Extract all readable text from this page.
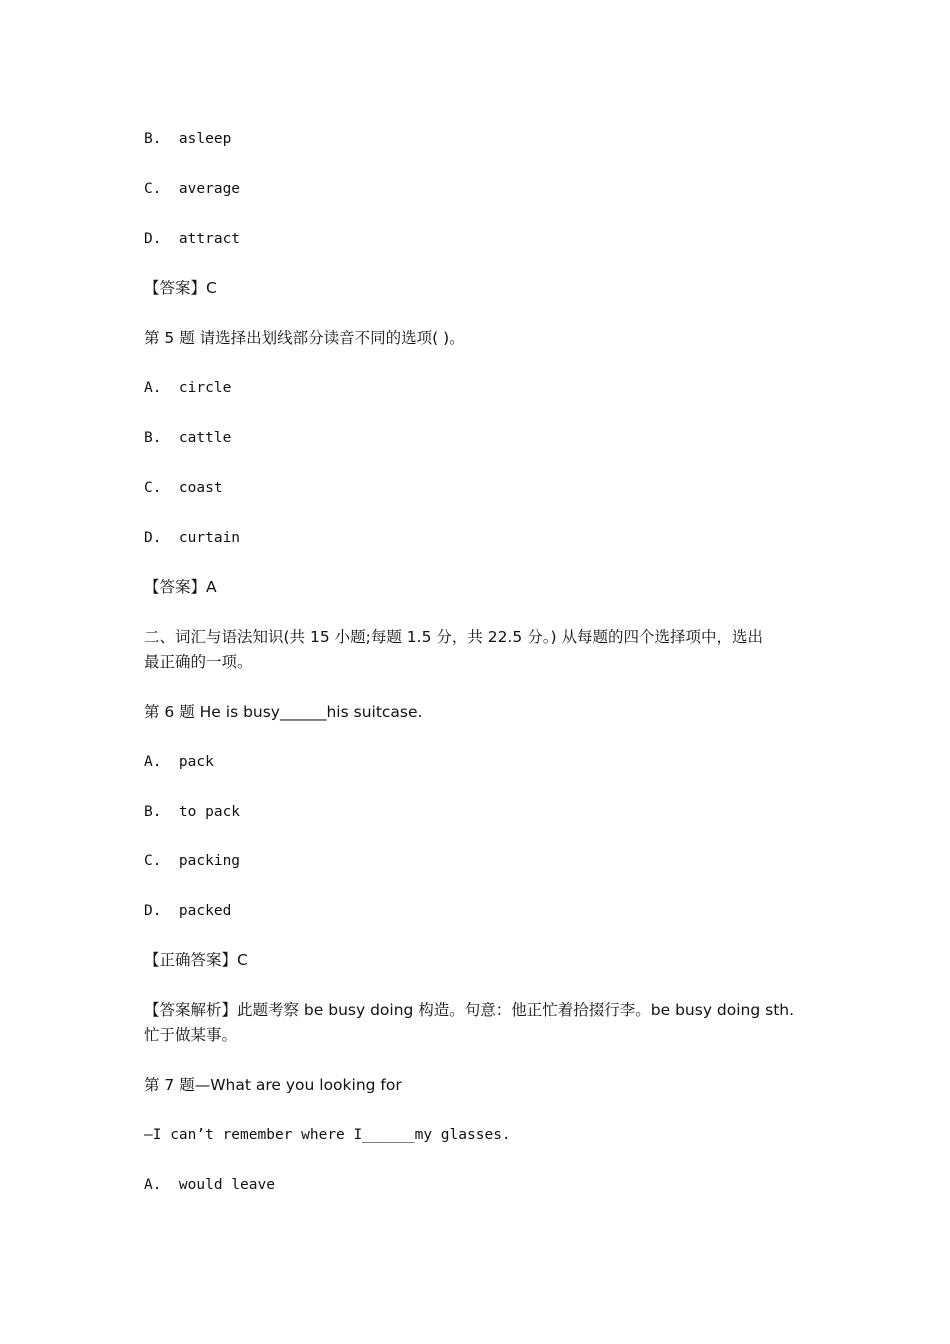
B.  asleep

C.  average

D.  attract

【答案】C

第 5 题 请选择出划线部分读音不同的选项( )。

A.  circle

B.  cattle

C.  coast

D.  curtain

【答案】A

二、词汇与语法知识(共 15 小题;每题 1.5 分，共 22.5 分。) 从每题的四个选择项中，选出

最正确的一项。

第 6 题 He is busy______his suitcase.

A.  pack

B.  to pack

C.  packing

D.  packed

【正确答案】C

【答案解析】此题考察 be busy doing 构造。句意：他正忙着拾掇行李。be busy doing sth.

忙于做某事。

第 7 题—What are you looking for

—I can’t remember where I______my glasses.

A.  would leave
